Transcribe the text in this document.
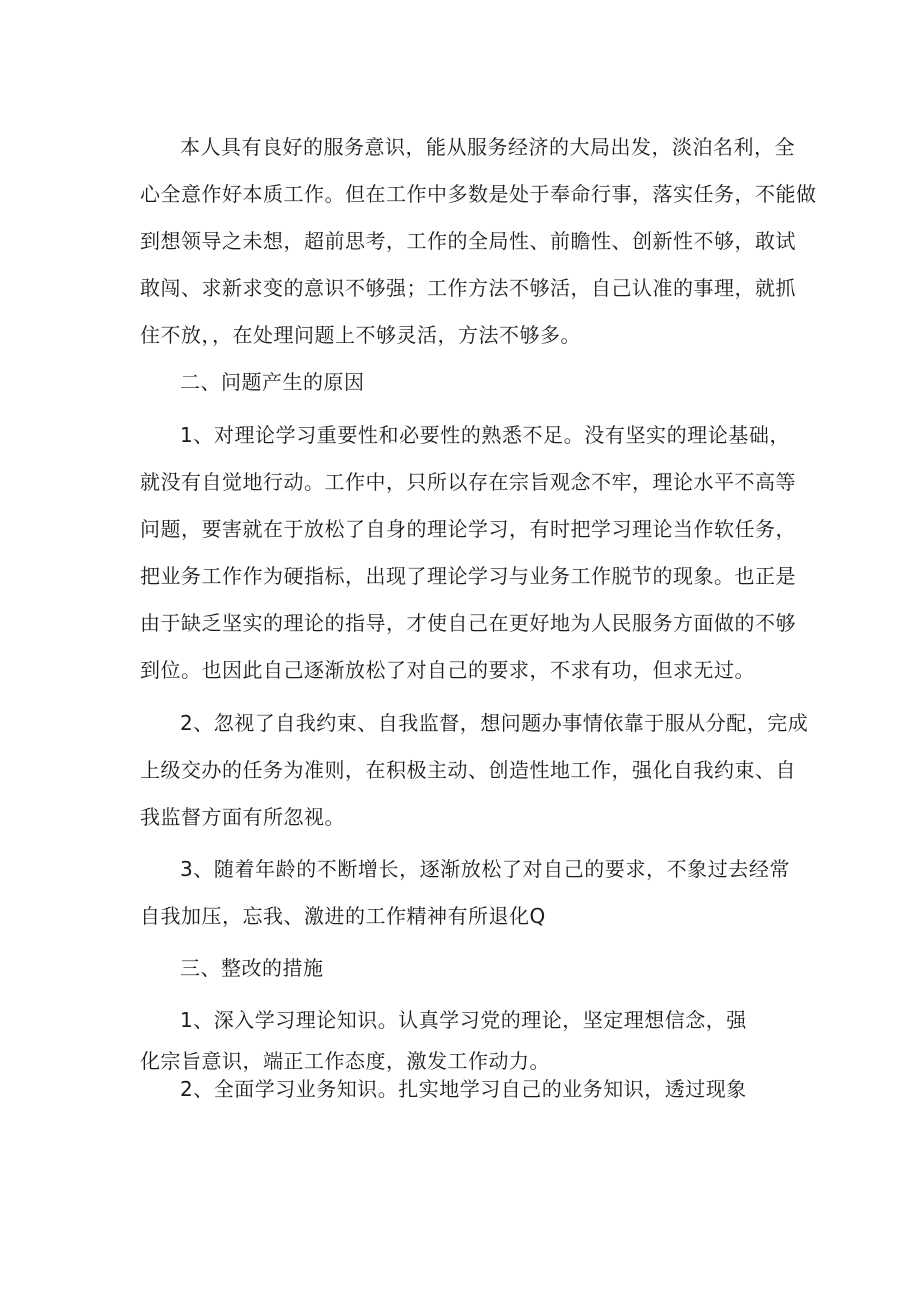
本人具有良好的服务意识，能从服务经济的大局出发，淡泊名利，全

心全意作好本质工作。但在工作中多数是处于奉命行事，落实任务，不能做

到想领导之未想，超前思考，工作的全局性、前瞻性、创新性不够，敢试

敢闯、求新求变的意识不够强；工作方法不够活，自己认准的事理，就抓

住不放，，在处理问题上不够灵活，方法不够多。

二、问题产生的原因

1、对理论学习重要性和必要性的熟悉不足。没有坚实的理论基础，

就没有自觉地行动。工作中，只所以存在宗旨观念不牢，理论水平不高等

问题，要害就在于放松了自身的理论学习，有时把学习理论当作软任务，

把业务工作作为硬指标，出现了理论学习与业务工作脱节的现象。也正是

由于缺乏坚实的理论的指导，才使自己在更好地为人民服务方面做的不够

到位。也因此自己逐渐放松了对自己的要求，不求有功，但求无过。

2、忽视了自我约束、自我监督，想问题办事情依靠于服从分配，完成

上级交办的任务为准则，在积极主动、创造性地工作，强化自我约束、自

我监督方面有所忽视。

3、随着年龄的不断增长，逐渐放松了对自己的要求，不象过去经常

自我加压，忘我、激进的工作精神有所退化Q

三、整改的措施

1、深入学习理论知识。认真学习党的理论，坚定理想信念，强

化宗旨意识，端正工作态度，激发工作动力。

2、全面学习业务知识。扎实地学习自己的业务知识，透过现象
